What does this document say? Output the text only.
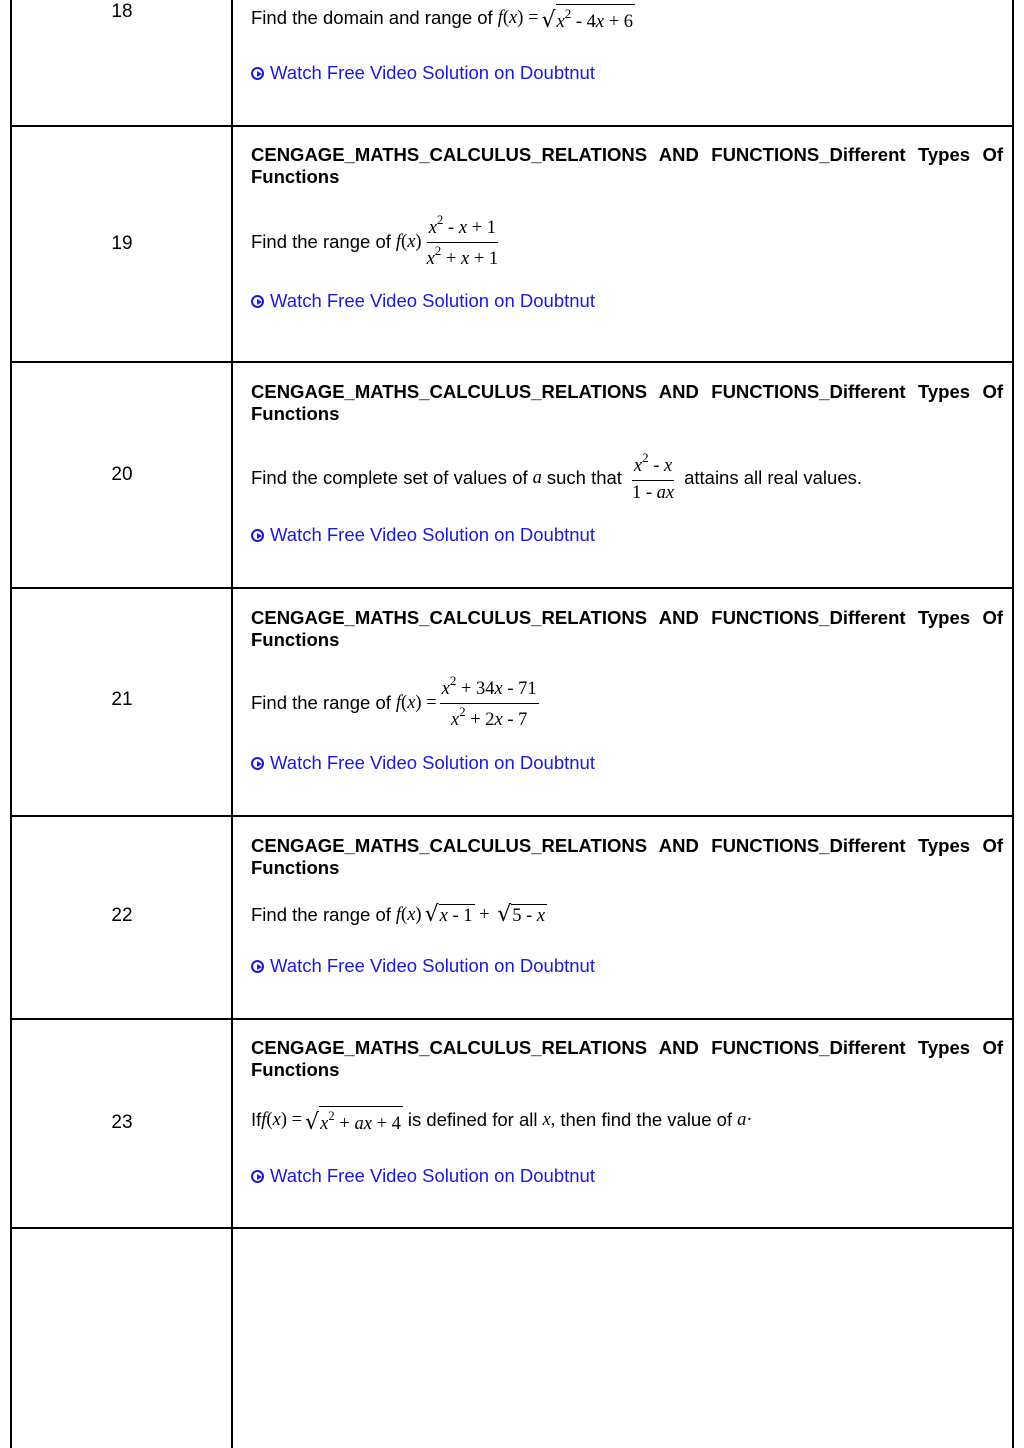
18	Find the domain and range of f(x) = √ $x^2 - 4x + 6$
Watch Free Video Solution on Doubtnut
19
CENGAGE_MATHS_CALCULUS_RELATIONS AND FUNCTIONS_Different Types Of Functions
Find the range of $f(x) \frac{x^2 - x + 1}{x^2 + x + 1}$
Watch Free Video Solution on Doubtnut
20
CENGAGE_MATHS_CALCULUS_RELATIONS AND FUNCTIONS_Different Types Of Functions
Find the complete set of values of a such that $\frac{x^2 - x}{1 - ax}$ attains all real values.
Watch Free Video Solution on Doubtnut
21
CENGAGE_MATHS_CALCULUS_RELATIONS AND FUNCTIONS_Different Types Of Functions
Find the range of $f(x) = \frac{x^2 + 34x - 71}{x^2 + 2x - 7}$
Watch Free Video Solution on Doubtnut
22
CENGAGE_MATHS_CALCULUS_RELATIONS AND FUNCTIONS_Different Types Of Functions
Find the range of f(x) √ x - 1 + √ 5 - x
Watch Free Video Solution on Doubtnut
23
CENGAGE_MATHS_CALCULUS_RELATIONS AND FUNCTIONS_Different Types Of Functions
If f(x) = √ $x^2$ + ax + 4 is defined for all x , then find the value of a ·
Watch Free Video Solution on Doubtnut
